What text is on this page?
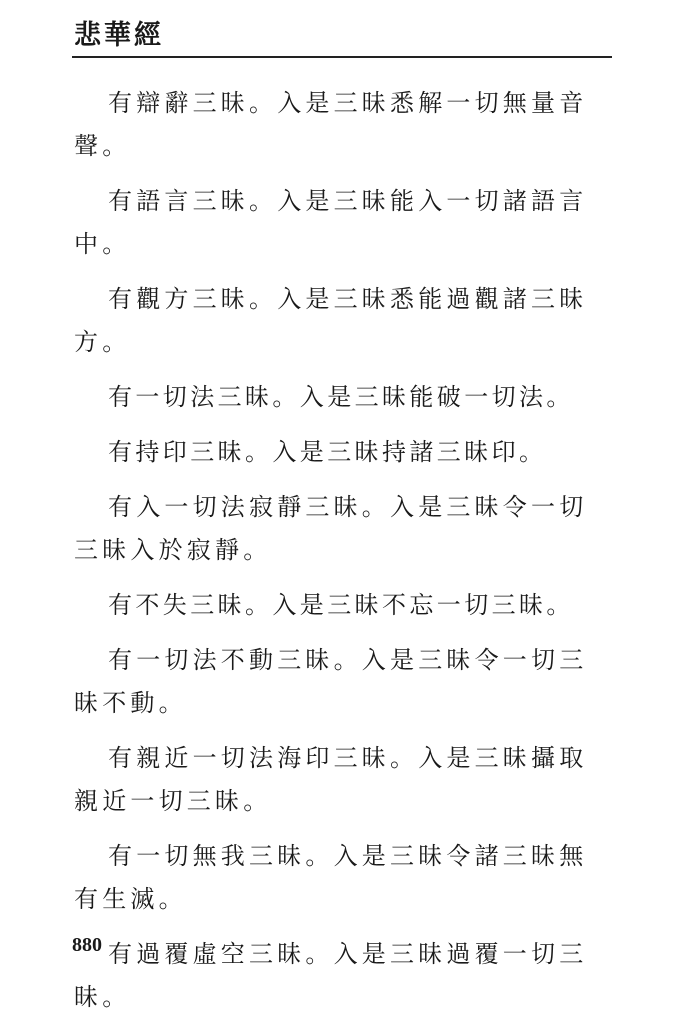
悲華經

有辯辭三昧。入是三昧悉解一切無量音聲。

有語言三昧。入是三昧能入一切諸語言中。

有觀方三昧。入是三昧悉能過觀諸三昧方。

有一切法三昧。入是三昧能破一切法。

有持印三昧。入是三昧持諸三昧印。

有入一切法寂靜三昧。入是三昧令一切三昧入於寂靜。

有不失三昧。入是三昧不忘一切三昧。

有一切法不動三昧。入是三昧令一切三昧不動。

有親近一切法海印三昧。入是三昧攝取親近一切三昧。

有一切無我三昧。入是三昧令諸三昧無有生滅。

有過覆虛空三昧。入是三昧過覆一切三昧。

880
